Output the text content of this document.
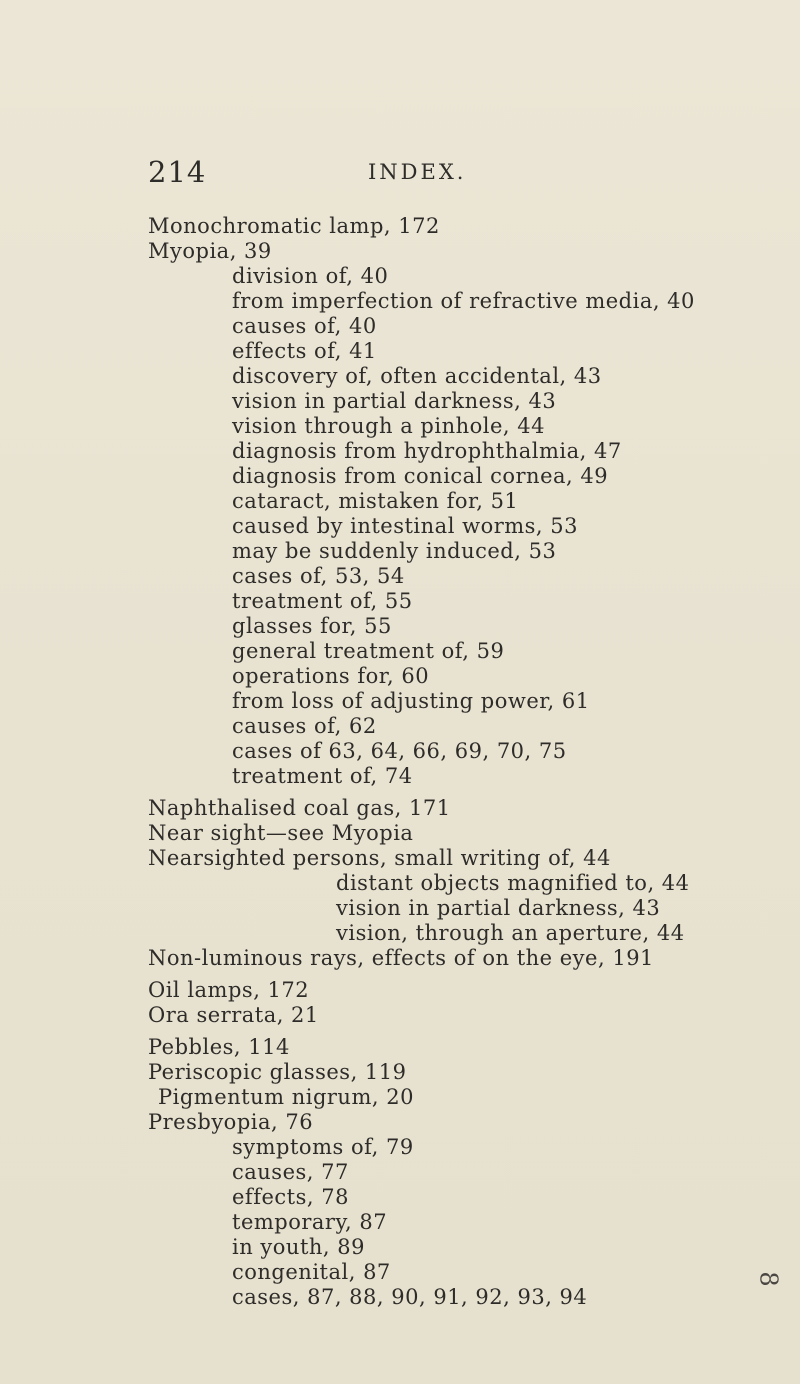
214	INDEX.
Monochromatic lamp, 172
Myopia, 39
division of, 40
from imperfection of refractive media, 40
causes of, 40
effects of, 41
discovery of, often accidental, 43
vision in partial darkness, 43
vision through a pinhole, 44
diagnosis from hydrophthalmia, 47
diagnosis from conical cornea, 49
cataract, mistaken for, 51
caused by intestinal worms, 53
may be suddenly induced, 53
cases of, 53, 54
treatment of, 55
glasses for, 55
general treatment of, 59
operations for, 60
from loss of adjusting power, 61
causes of, 62
cases of 63, 64, 66, 69, 70, 75
treatment of, 74
Naphthalised coal gas, 171
Near sight—see Myopia
Nearsighted persons, small writing of, 44
distant objects magnified to, 44
vision in partial darkness, 43
vision, through an aperture, 44
Non-luminous rays, effects of on the eye, 191
Oil lamps, 172
Ora serrata, 21
Pebbles, 114
Periscopic glasses, 119
Pigmentum nigrum, 20
Presbyopia, 76
symptoms of, 79
causes, 77
effects, 78
temporary, 87
in youth, 89
congenital, 87
cases, 87, 88, 90, 91, 92, 93, 94
8
